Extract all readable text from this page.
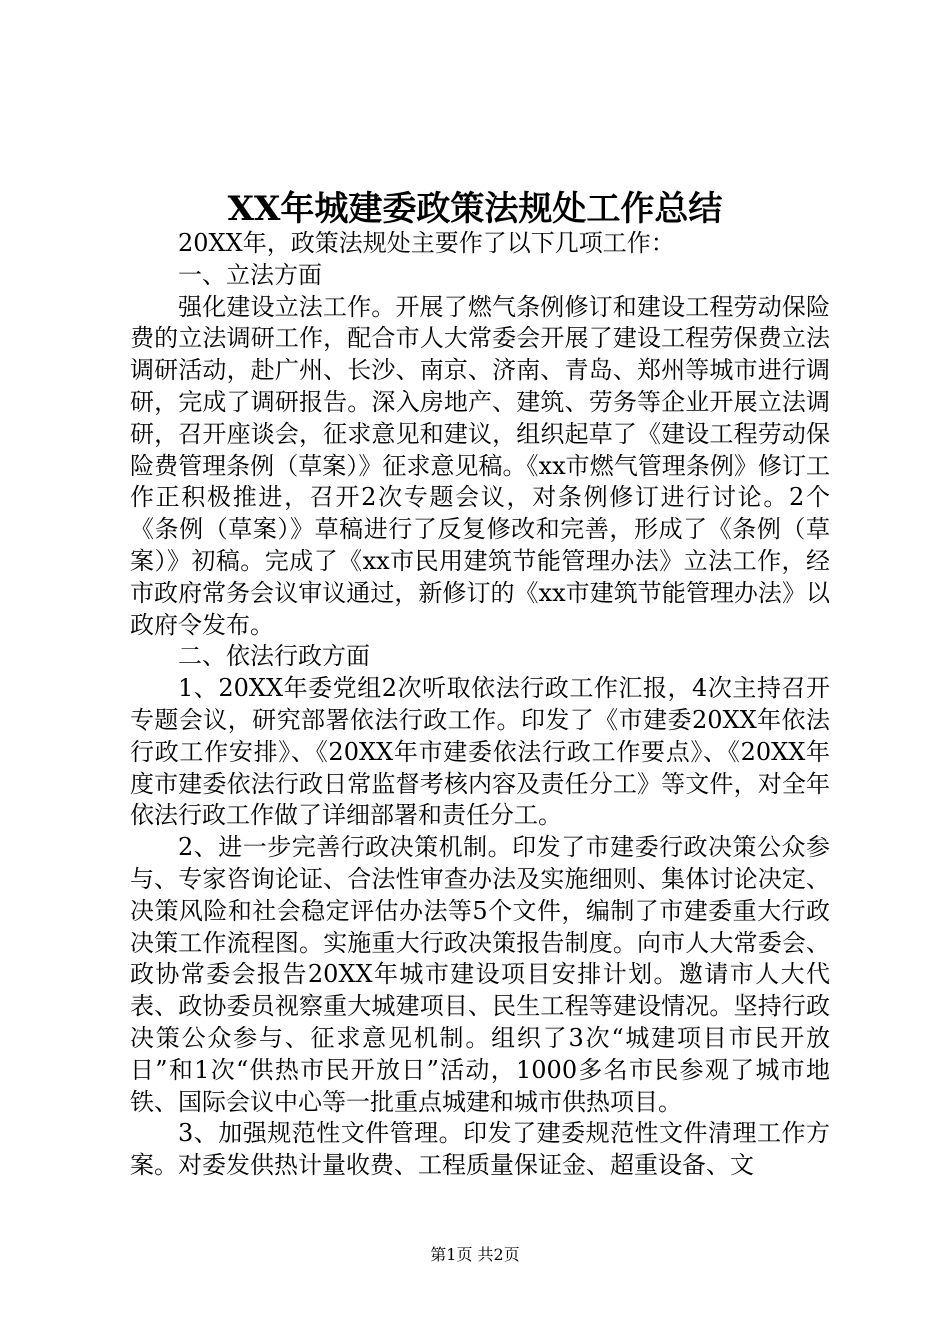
XX年城建委政策法规处工作总结

20XX年，政策法规处主要作了以下几项工作：

一、立法方面

强化建设立法工作。开展了燃气条例修订和建设工程劳动保险费的立法调研工作，配合市人大常委会开展了建设工程劳保费立法调研活动，赴广州、长沙、南京、济南、青岛、郑州等城市进行调研，完成了调研报告。深入房地产、建筑、劳务等企业开展立法调研，召开座谈会，征求意见和建议，组织起草了《建设工程劳动保险费管理条例（草案）》征求意见稿。《xx市燃气管理条例》修订工作正积极推进，召开2次专题会议，对条例修订进行讨论。2个《条例（草案）》草稿进行了反复修改和完善，形成了《条例（草案）》初稿。完成了《xx市民用建筑节能管理办法》立法工作，经市政府常务会议审议通过，新修订的《xx市建筑节能管理办法》以政府令发布。

二、依法行政方面

1、20XX年委党组2次听取依法行政工作汇报，4次主持召开专题会议，研究部署依法行政工作。印发了《市建委20XX年依法行政工作安排》、《20XX年市建委依法行政工作要点》、《20XX年度市建委依法行政日常监督考核内容及责任分工》等文件，对全年依法行政工作做了详细部署和责任分工。

2、进一步完善行政决策机制。印发了市建委行政决策公众参与、专家咨询论证、合法性审查办法及实施细则、集体讨论决定、决策风险和社会稳定评估办法等5个文件，编制了市建委重大行政决策工作流程图。实施重大行政决策报告制度。向市人大常委会、政协常委会报告20XX年城市建设项目安排计划。邀请市人大代表、政协委员视察重大城建项目、民生工程等建设情况。坚持行政决策公众参与、征求意见机制。组织了3次“城建项目市民开放日”和1次“供热市民开放日”活动，1000多名市民参观了城市地铁、国际会议中心等一批重点城建和城市供热项目。

3、加强规范性文件管理。印发了建委规范性文件清理工作方案。对委发供热计量收费、工程质量保证金、超重设备、文

第1页 共2页
